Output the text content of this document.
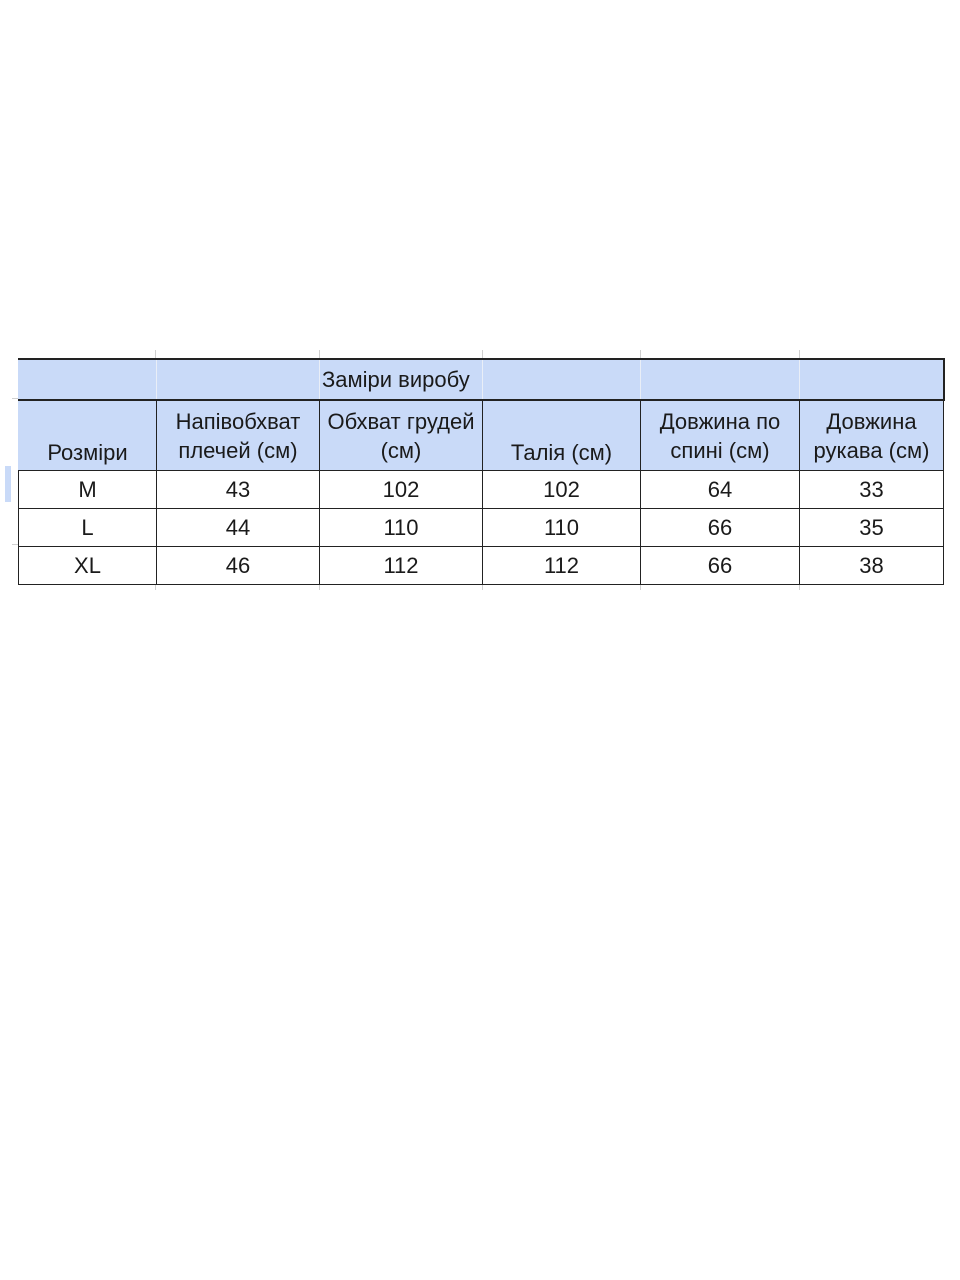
		Заміри виробу			
Розміри	Напівобхват плечей (см)	Обхват грудей (см)	Талія (см)	Довжина по спині (см)	Довжина рукава (см)
M	43	102	102	64	33
L	44	110	110	66	35
XL	46	112	112	66	38
